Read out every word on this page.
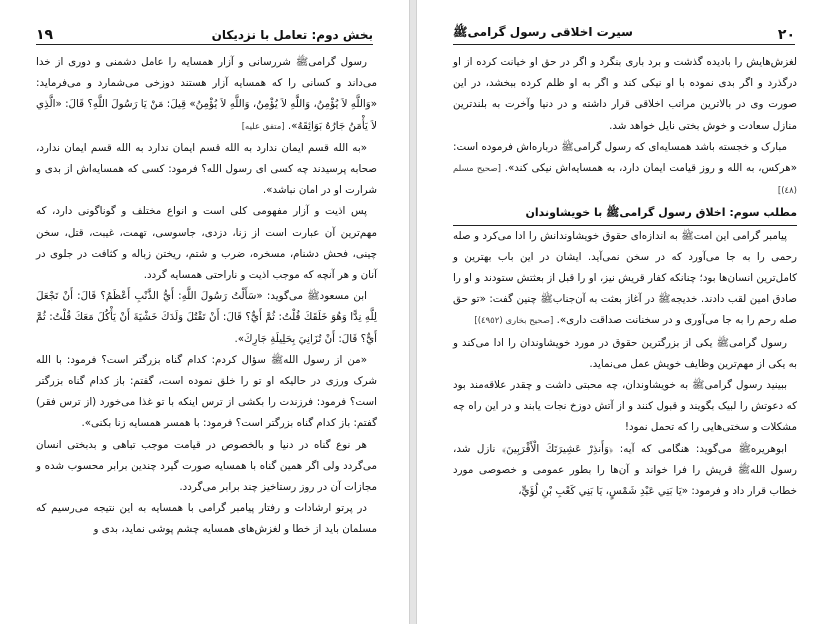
بخش دوم: تعامل با نزدیکان
١٩

رسول گرامیﷺ شررسانی و آزار همسایه را عامل دشمنی و دوری از خدا می‌داند و کسانی را که همسایه آزار هستند دوزخی می‌شمارد و می‌فرماید: «وَاللَّهِ لاَ يُؤْمِنُ، وَاللَّهِ لاَ يُؤْمِنُ، وَاللَّهِ لاَ يُؤْمِنُ» قِيلَ: مَنْ يَا رَسُولَ اللَّهِ؟ قَالَ: «الَّذِي لاَ يَأْمَنُ جَارُهُ بَوَائِقَهُ». [متفق علیه]

«به الله قسم ایمان ندارد به الله قسم ایمان ندارد به الله قسم ایمان ندارد، صحابه پرسیدند چه کسی ای رسول الله؟ فرمود: کسی که همسایه‌اش از بدی و شرارت او در امان نباشد».

پس اذیت و آزار مفهومی کلی است و انواع مختلف و گوناگونی دارد، که مهم‌ترین آن عبارت است از زنا، دزدی، جاسوسی، تهمت، غیبت، قتل، سخن چینی، فحش دشنام، مسخره، ضرب و شتم، ریختن زباله و کثافت در جلوی در آنان و هر آنچه که موجب اذیت و ناراحتی همسایه گردد.

ابن مسعودﷺ می‌گوید: «سَأَلْتُ رَسُولَ اللَّهِ: أَيُّ الذَّنْبِ أَعْظَمُ؟ قَالَ: أَنْ تَجْعَلَ لِلَّهِ نِدًّا وَهُوَ خَلَقَكَ قُلْتُ: ثُمَّ أَيٌّ؟ قَالَ: أَنْ تَقْتُلَ وَلَدَكَ خَشْيَةَ أَنْ يَأْكُلَ مَعَكَ قُلْتُ: ثُمَّ أَيٌّ؟ قَالَ: أَنْ تُزَانِيَ بِحَلِيلَةِ جَارِكَ».

«من از رسول اللهﷺ سؤال کردم: کدام گناه بزرگتر است؟ فرمود: با الله شرک ورزی در حالیکه او تو را خلق نموده است، گفتم: باز کدام گناه بزرگتر است؟ فرمود: فرزندت را بکشی از ترس اینکه با تو غذا می‌خورد (از ترس فقر) گفتم: باز کدام گناه بزرگتر است؟ فرمود: با همسر همسایه زنا بکنی».

هر نوع گناه در دنیا و بالخصوص در قیامت موجب تباهی و بدبختی انسان می‌گردد ولی اگر همین گناه با همسایه صورت گیرد چندین برابر محسوب شده و مجازات آن در روز رستاخیز چند برابر می‌گردد.

در پرتو ارشادات و رفتار پیامبر گرامی با همسایه به این نتیجه می‌رسیم که مسلمان باید از خطا و لغزش‌های همسایه چشم پوشی نماید، بدی و

٢٠
سیرت اخلاقی رسول گرامیﷺ

لغزش‌هایش را بادیده گذشت و برد باری بنگرد و اگر در حق او خیانت کرده از او درگذرد و اگر بدی نموده با او نیکی کند و اگر به او ظلم کرده ببخشد، در این صورت وی در بالاترین مراتب اخلاقی قرار داشته و در دنیا وآخرت به بلندترین منازل سعادت و خوش بختی نایل خواهد شد.

مبارک و خجسته باشد همسایه‌ای که رسول گرامیﷺ درباره‌اش فرموده است: «هرکس، به الله و روز قیامت ایمان دارد، به همسایه‌اش نیکی کند». [صحیح مسلم (٤٨)]

مطلب سوم: اخلاق رسول گرامیﷺ با خویشاوندان

پیامبر گرامی این امتﷺ به اندازه‌ای حقوق خویشاوندانش را ادا می‌کرد و صله رحمی را به جا می‌آورد که در سخن نمی‌آید. ایشان در این باب بهترین و کامل‌ترین انسان‌ها بود؛ چنانکه کفار قریش نیز، او را قبل از بعثتش ستودند و او را صادق امین لقب دادند. خدیجهﷺ در آغاز بعثت به آن‌جنابﷺ چنین گفت: «تو حق صله رحم را به جا می‌آوری و در سخنانت صداقت داری». [صحیح بخاری (٤٩٥٢)]

رسول گرامیﷺ یکی از بزرگترین حقوق در مورد خویشاوندان را ادا می‌کند و به یکی از مهم‌ترین وظایف خویش عمل می‌نماید.

ببینید رسول گرامیﷺ به خویشاوندان، چه محبتی داشت و چقدر علاقه‌مند بود که دعوتش را لبیک بگویند و قبول کنند و از آتش دوزخ نجات یابند و در این راه چه مشکلات و سختی‌هایی را که تحمل نمود!

ابوهریرهﷺ می‌گوید: هنگامی که آیه: ﴿وَأَنذِرْ عَشِيرَتَكَ الْأَقْرَبِينَ﴾ نازل شد، رسول اللهﷺ قریش را فرا خواند و آن‌ها را بطور عمومی و خصوصی مورد خطاب قرار داد و فرمود: «يَا بَنِي عَبْدِ شَمْسٍ، يَا بَنِي كَعْبِ بْنِ لُؤَيٍّ،
